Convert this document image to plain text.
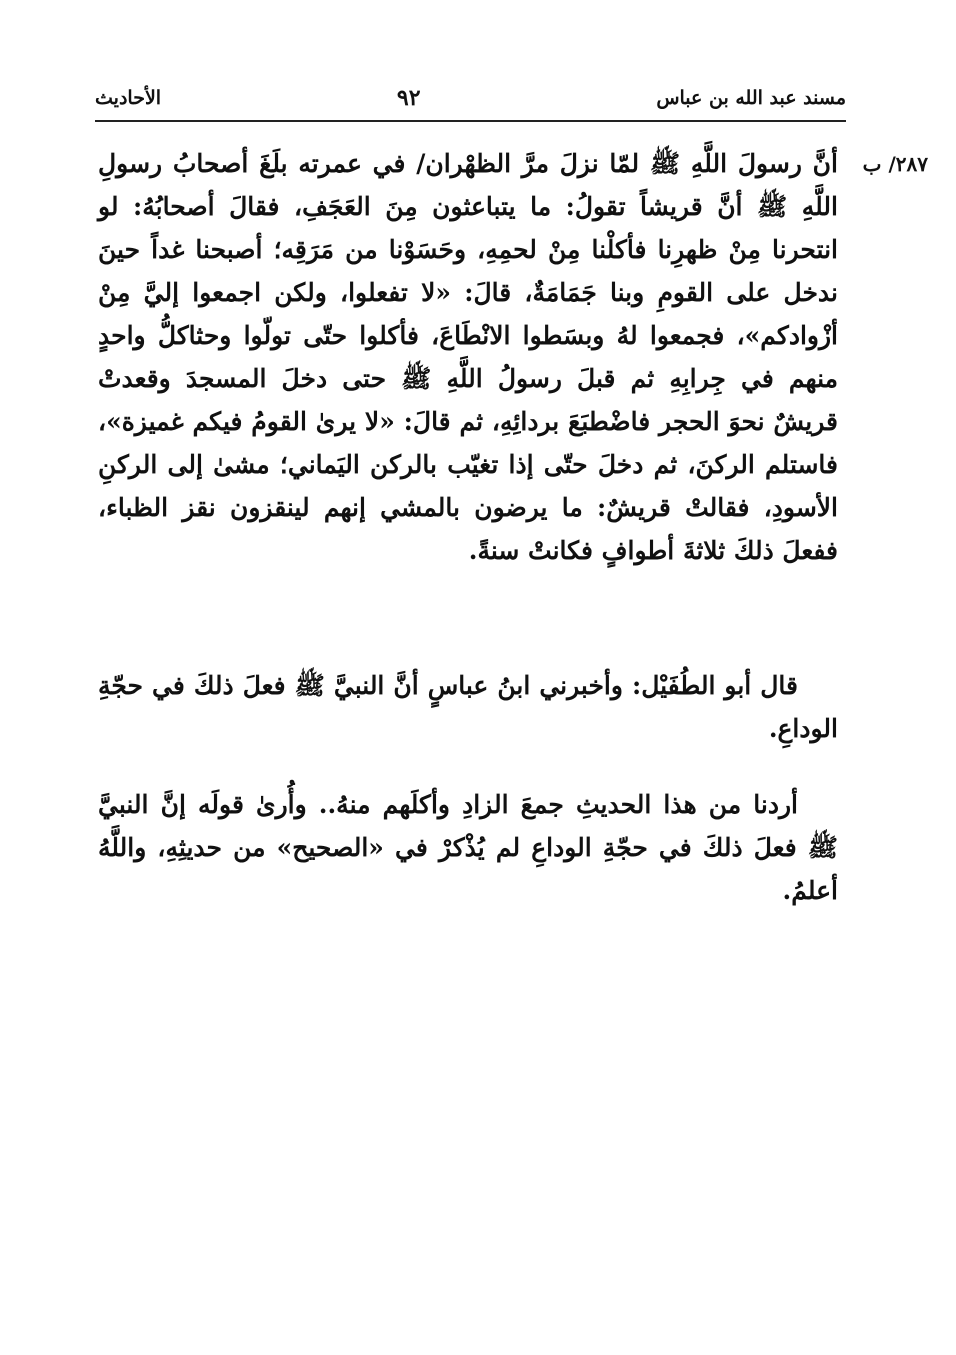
مسند عبد الله بن عباس
٩٢
الأحاديث
٢٨٧/ ب

أنَّ رسولَ اللَّهِ ﷺ لمّا نزلَ مرَّ الظهْران/ في عمرته بلَغَ أصحابُ رسولِ اللَّهِ ﷺ أنَّ قريشاً تقولُ: ما يتباعثون مِنَ العَجَفِ، فقالَ أصحابُهُ: لو انتحرنا مِنْ ظهرِنا فأكلْنا مِنْ لحمِهِ، وحَسَوْنا من مَرَقِه؛ أصبحنا غداً حينَ ندخل على القومِ وبنا جَمَامَةٌ، قالَ: «لا تفعلوا، ولكن اجمعوا إليَّ مِنْ أزْوادكم»، فجمعوا لهُ وبسَطوا الانْطَاعَ، فأكلوا حتّى تولّوا وحثاكلُّ واحدٍ منهم في جِرابِهِ ثم قبلَ رسولُ اللَّهِ ﷺ حتى دخلَ المسجدَ وقعدتْ قريشٌ نحوَ الحجر فاضْطبَعَ بردائِهِ، ثم قالَ: «لا يرىٰ القومُ فيكم غميزة»، فاستلم الركنَ، ثم دخلَ حتّى إذا تغيّب بالركن اليَماني؛ مشىٰ إلى الركنِ الأسودِ، فقالتْ قريشٌ: ما يرضون بالمشي إنهم لينقزون نقز الظباء، ففعلَ ذلكَ ثلاثةَ أطوافٍ فكانتْ سنةً.

قال أبو الطُفَيْل: وأخبرني ابنُ عباسٍ أنَّ النبيَّ ﷺ فعلَ ذلكَ في حجّةِ الوداعِ.

أردنا من هذا الحديثِ جمعَ الزادِ وأكلَهم منهُ.. وأُرىٰ قولَه إنَّ النبيَّ ﷺ فعلَ ذلكَ في حجّةِ الوداعِ لم يُذْكرْ في «الصحيح» من حديثِهِ، واللَّهُ أعلمُ.
